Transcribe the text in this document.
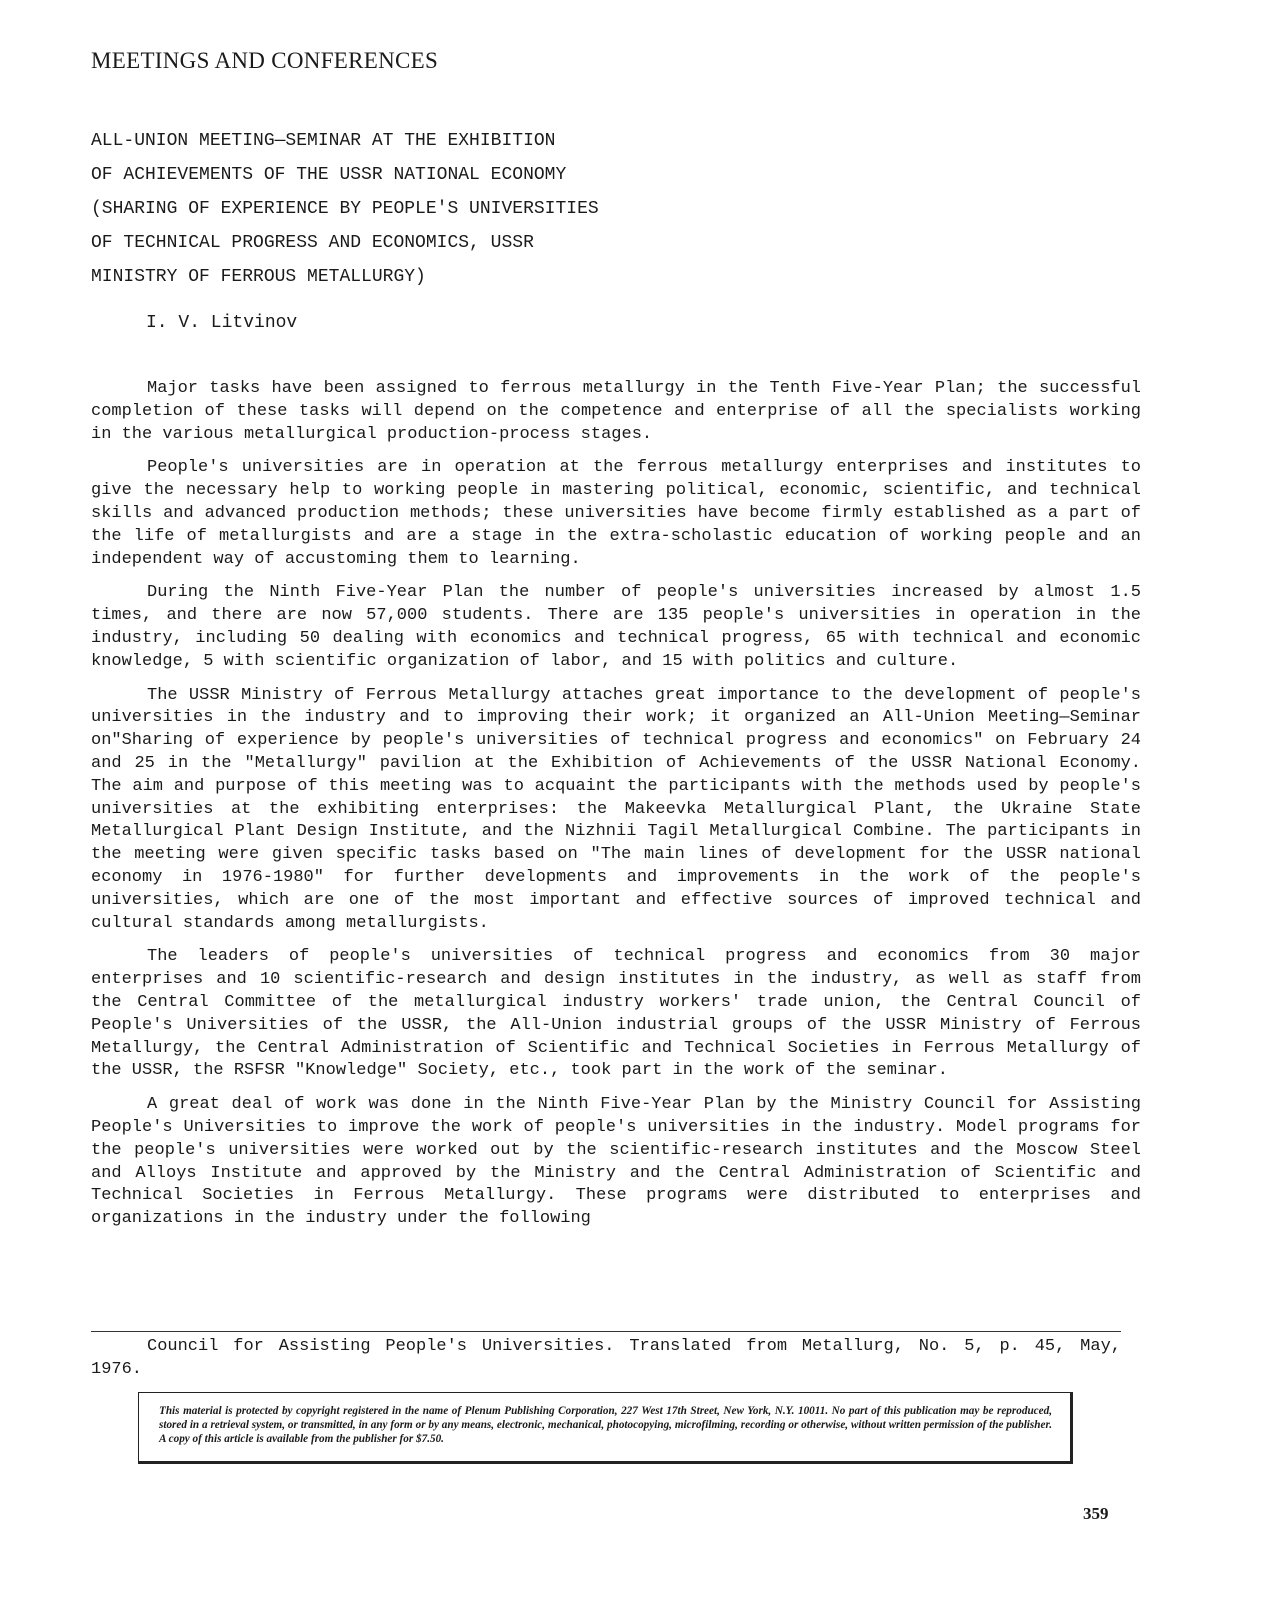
MEETINGS AND CONFERENCES
ALL-UNION MEETING—SEMINAR AT THE EXHIBITION
OF ACHIEVEMENTS OF THE USSR NATIONAL ECONOMY
(SHARING OF EXPERIENCE BY PEOPLE'S UNIVERSITIES
OF TECHNICAL PROGRESS AND ECONOMICS, USSR
MINISTRY OF FERROUS METALLURGY)

I. V. Litvinov

Major tasks have been assigned to ferrous metallurgy in the Tenth Five-Year Plan; the successful completion of these tasks will depend on the competence and enterprise of all the specialists working in the various metallurgical production-process stages.

People's universities are in operation at the ferrous metallurgy enterprises and institutes to give the necessary help to working people in mastering political, economic, scientific, and technical skills and advanced production methods; these universities have become firmly established as a part of the life of metallurgists and are a stage in the extra-scholastic education of working people and an independent way of accustoming them to learning.

During the Ninth Five-Year Plan the number of people's universities increased by almost 1.5 times, and there are now 57,000 students. There are 135 people's universities in operation in the industry, including 50 dealing with economics and technical progress, 65 with technical and economic knowledge, 5 with scientific organization of labor, and 15 with politics and culture.

The USSR Ministry of Ferrous Metallurgy attaches great importance to the development of people's universities in the industry and to improving their work; it organized an All-Union Meeting—Seminar on"Sharing of experience by people's universities of technical progress and economics" on February 24 and 25 in the "Metallurgy" pavilion at the Exhibition of Achievements of the USSR National Economy. The aim and purpose of this meeting was to acquaint the participants with the methods used by people's universities at the exhibiting enterprises: the Makeevka Metallurgical Plant, the Ukraine State Metallurgical Plant Design Institute, and the Nizhnii Tagil Metallurgical Combine. The participants in the meeting were given specific tasks based on "The main lines of development for the USSR national economy in 1976-1980" for further developments and improvements in the work of the people's universities, which are one of the most important and effective sources of improved technical and cultural standards among metallurgists.

The leaders of people's universities of technical progress and economics from 30 major enterprises and 10 scientific-research and design institutes in the industry, as well as staff from the Central Committee of the metallurgical industry workers' trade union, the Central Council of People's Universities of the USSR, the All-Union industrial groups of the USSR Ministry of Ferrous Metallurgy, the Central Administration of Scientific and Technical Societies in Ferrous Metallurgy of the USSR, the RSFSR "Knowledge" Society, etc., took part in the work of the seminar.

A great deal of work was done in the Ninth Five-Year Plan by the Ministry Council for Assisting People's Universities to improve the work of people's universities in the industry. Model programs for the people's universities were worked out by the scientific-research institutes and the Moscow Steel and Alloys Institute and approved by the Ministry and the Central Administration of Scientific and Technical Societies in Ferrous Metallurgy. These programs were distributed to enterprises and organizations in the industry under the following

Council for Assisting People's Universities. Translated from Metallurg, No. 5, p. 45, May, 1976.

This material is protected by copyright registered in the name of Plenum Publishing Corporation, 227 West 17th Street, New York, N.Y. 10011. No part of this publication may be reproduced, stored in a retrieval system, or transmitted, in any form or by any means, electronic, mechanical, photocopying, microfilming, recording or otherwise, without written permission of the publisher. A copy of this article is available from the publisher for $7.50.

359
